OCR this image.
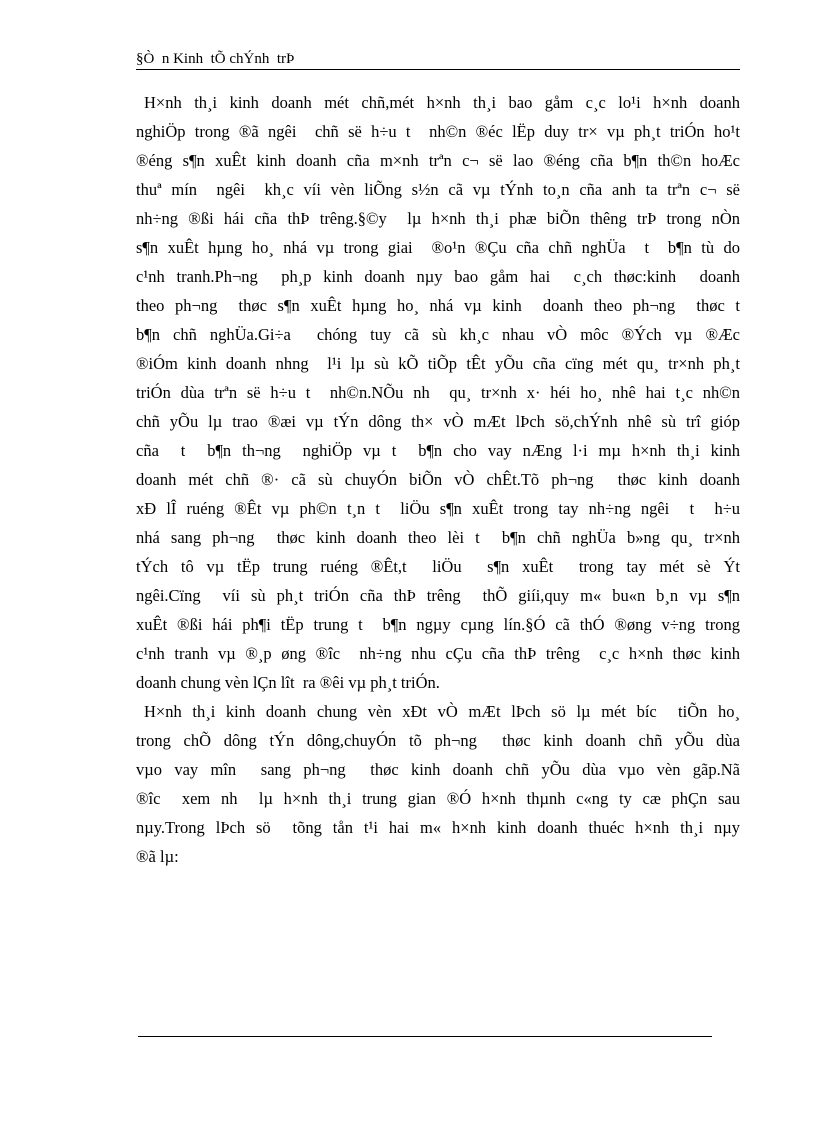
§Ò  n Kinh  tÕ chÝnh  trÞ
H×nh th¸i kinh doanh mét chñ,mét h×nh th¸i bao gåm c¸c lo¹i h×nh doanh
nghiÖp trong ®ã ngêi  chñ së h÷u t  nh©n ®éc lËp duy tr× vµ ph¸t triÓn ho¹t
®éng s¶n xuÊt kinh doanh cña m×nh trªn c¬ së lao ®éng cña b¶n th©n hoÆc
thuª mín  ngêi  kh¸c víi vèn liÕng s½n cã vµ tÝnh to¸n cña anh ta trªn c¬ së
nh÷ng ®ßi hái cña thÞ trêng.§©y  lµ h×nh th¸i phæ biÕn thêng trÞ trong nÒn
s¶n xuÊt hµng ho¸ nhá vµ trong giai  ®o¹n ®Çu cña chñ nghÜa  t  b¶n tù do
c¹nh tranh.Ph¬ng  ph¸p kinh doanh nµy bao gåm hai  c¸ch thøc:kinh  doanh
theo ph¬ng  thøc s¶n xuÊt hµng ho¸ nhá vµ kinh  doanh theo ph¬ng  thøc t
b¶n chñ nghÜa.Gi÷a  chóng tuy cã sù kh¸c nhau vÒ môc ®Ých vµ ®Æc
®iÓm kinh doanh nhng  l¹i lµ sù kÕ tiÕp tÊt yÕu cña cïng mét qu¸ tr×nh ph¸t
triÓn dùa trªn së h÷u t  nh©n.NÕu nh  qu¸ tr×nh x· héi ho¸ nhê hai t¸c nh©n
chñ yÕu lµ trao ®æi vµ tÝn dông th× vÒ mÆt lÞch sö,chÝnh nhê sù trî gióp
cña  t  b¶n th¬ng  nghiÖp vµ t  b¶n cho vay nÆng l·i mµ h×nh th¸i kinh
doanh mét chñ ®· cã sù chuyÓn biÕn vÒ chÊt.Tõ ph¬ng  thøc kinh doanh
xÐ lÎ ruéng ®Êt vµ ph©n t¸n t  liÖu s¶n xuÊt trong tay nh÷ng ngêi  t  h÷u
nhá sang ph¬ng  thøc kinh doanh theo lèi t  b¶n chñ nghÜa b»ng qu¸ tr×nh
tÝch tô vµ tËp trung ruéng ®Êt,t  liÖu  s¶n xuÊt  trong tay mét sè Ýt
ngêi.Cïng  víi sù ph¸t triÓn cña thÞ trêng  thÕ giíi,quy m« bu«n b¸n vµ s¶n
xuÊt ®ßi hái ph¶i tËp trung t  b¶n ngµy cµng lín.§Ó cã thÓ ®øng v÷ng trong
c¹nh tranh vµ ®¸p øng ®îc  nh÷ng nhu cÇu cña thÞ trêng  c¸c h×nh thøc kinh
doanh chung vèn lÇn lît  ra ®êi vµ ph¸t triÓn.
H×nh th¸i kinh doanh chung vèn xÐt vÒ mÆt lÞch sö lµ mét bíc  tiÕn ho¸
trong chÕ dông tÝn dông,chuyÓn tõ ph¬ng  thøc kinh doanh chñ yÕu dùa
vµo vay mîn  sang ph¬ng  thøc kinh doanh chñ yÕu dùa vµo vèn gãp.Nã
®îc  xem nh  lµ h×nh th¸i trung gian ®Ó h×nh thµnh c«ng ty cæ phÇn sau
nµy.Trong lÞch sö  tõng tån t¹i hai m« h×nh kinh doanh thuéc h×nh th¸i nµy
®ã lµ:
